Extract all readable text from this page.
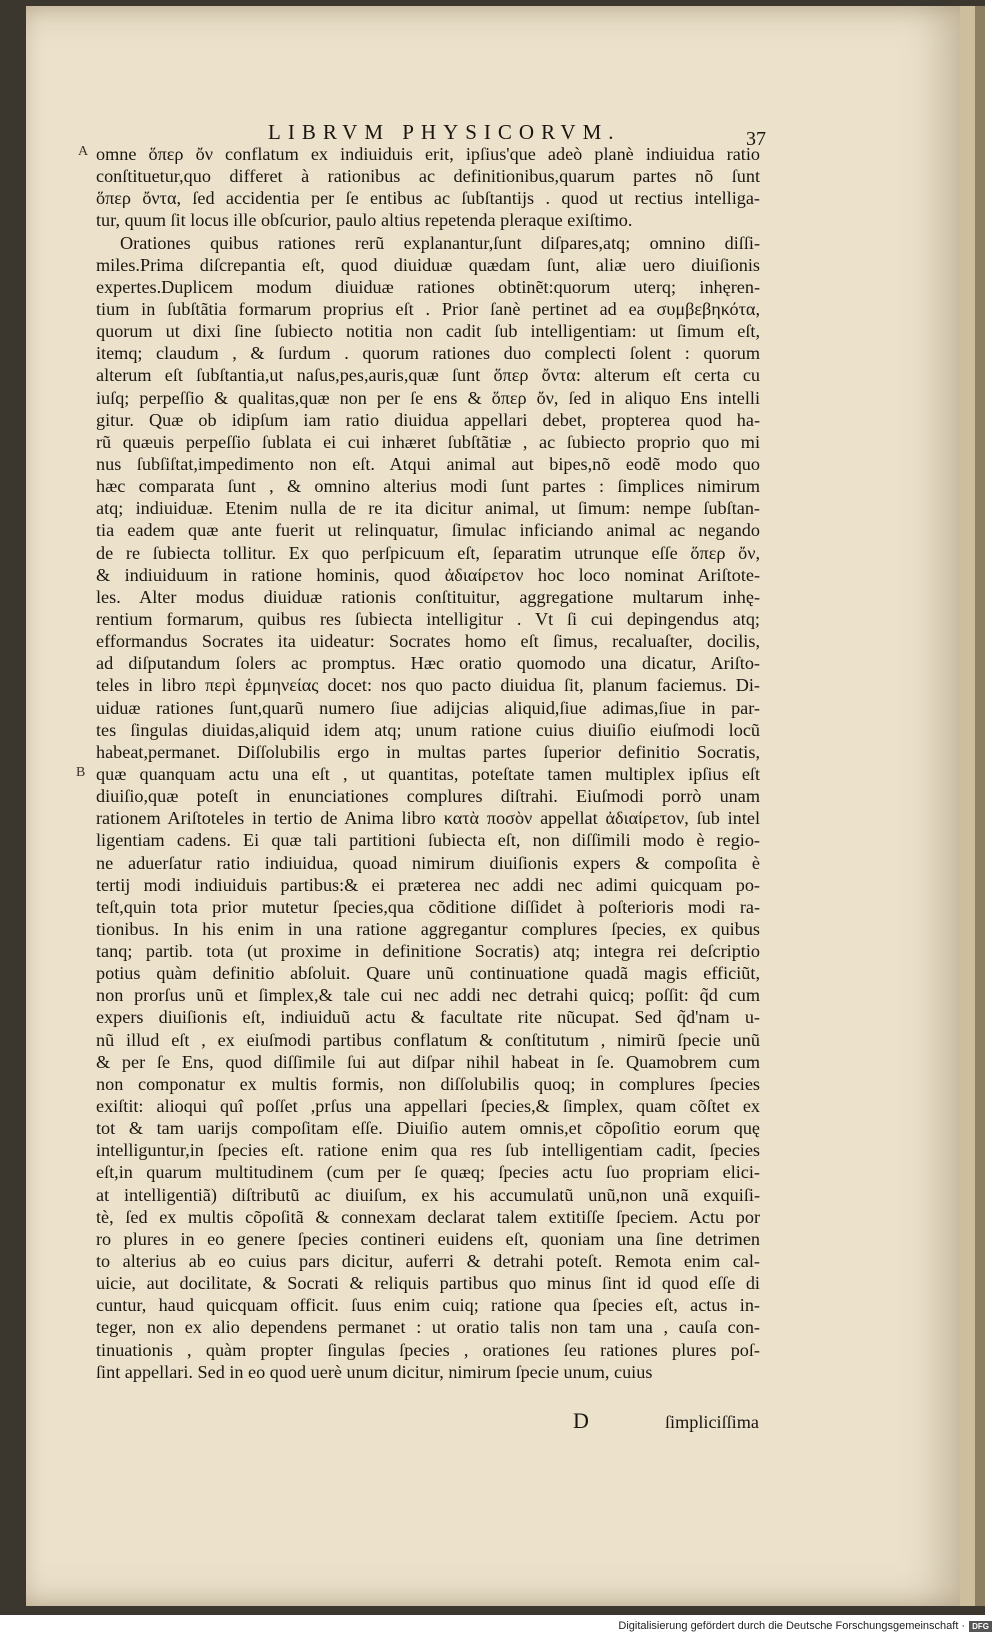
LIBRVM PHYSICORVM.	37
A
B
omne ὅπερ ὄν conflatum ex indiuiduis erit, ipſius'que adeò planè indiuidua ratio
conſtituetur,quo differet à rationibus ac definitionibus,quarum partes nõ ſunt
ὅπερ ὄντα, ſed accidentia per ſe entibus ac ſubſtantijs . quod ut rectius intelliga-
tur, quum ſit locus ille obſcurior, paulo altius repetenda pleraque exiſtimo.
Orationes quibus rationes rerũ explanantur,ſunt diſpares,atq; omnino diſſi-
miles.Prima diſcrepantia eſt, quod diuiduæ quædam ſunt, aliæ uero diuiſionis
expertes.Duplicem modum diuiduæ rationes obtinẽt:quorum uterq; inhęren-
tium in ſubſtãtia formarum proprius eſt . Prior ſanè pertinet ad ea συμβεβηκότα,
quorum ut dixi ſine ſubiecto notitia non cadit ſub intelligentiam: ut ſimum eſt,
itemq; claudum , & ſurdum . quorum rationes duo complecti ſolent : quorum
alterum eſt ſubſtantia,ut naſus,pes,auris,quæ ſunt ὅπερ ὄντα: alterum eſt certa cu
iuſq; perpeſſio & qualitas,quæ non per ſe ens & ὅπερ ὄν, ſed in aliquo Ens intelli
gitur. Quæ ob idipſum iam ratio diuidua appellari debet, propterea quod ha-
rũ quæuis perpeſſio ſublata ei cui inhæret ſubſtãtiæ , ac ſubiecto proprio quo mi
nus ſubſiſtat,impedimento non eſt. Atqui animal aut bipes,nõ eodẽ modo quo
hæc comparata ſunt , & omnino alterius modi ſunt partes : ſimplices nimirum
atq; indiuiduæ. Etenim nulla de re ita dicitur animal, ut ſimum: nempe ſubſtan-
tia eadem quæ ante fuerit ut relinquatur, ſimulac inficiando animal ac negando
de re ſubiecta tollitur. Ex quo perſpicuum eſt, ſeparatim utrunque eſſe ὅπερ ὄν,
& indiuiduum in ratione hominis, quod ἀδιαίρετον hoc loco nominat Ariſtote-
les. Alter modus diuiduæ rationis conſtituitur, aggregatione multarum inhę-
rentium formarum, quibus res ſubiecta intelligitur . Vt ſi cui depingendus atq;
efformandus Socrates ita uideatur: Socrates homo eſt ſimus, recaluaſter, docilis,
ad diſputandum ſolers ac promptus. Hæc oratio quomodo una dicatur, Ariſto-
teles in libro περὶ ἑρμηνείας docet: nos quo pacto diuidua ſit, planum faciemus. Di-
uiduæ rationes ſunt,quarũ numero ſiue adijcias aliquid,ſiue adimas,ſiue in par-
tes ſingulas diuidas,aliquid idem atq; unum ratione cuius diuiſio eiuſmodi locũ
habeat,permanet. Diſſolubilis ergo in multas partes ſuperior definitio Socratis,
quæ quanquam actu una eſt , ut quantitas, poteſtate tamen multiplex ipſius eſt
diuiſio,quæ poteſt in enunciationes complures diſtrahi. Eiuſmodi porrò unam
rationem Ariſtoteles in tertio de Anima libro κατὰ ποσὸν appellat ἀδιαίρετον, ſub intel
ligentiam cadens. Ei quæ tali partitioni ſubiecta eſt, non diſſimili modo è regio-
ne aduerſatur ratio indiuidua, quoad nimirum diuiſionis expers & compoſita è
tertij modi indiuiduis partibus:& ei præterea nec addi nec adimi quicquam po-
teſt,quin tota prior mutetur ſpecies,qua cõditione diſſidet à poſterioris modi ra-
tionibus. In his enim in una ratione aggregantur complures ſpecies, ex quibus
tanq; partib. tota (ut proxime in definitione Socratis) atq; integra rei deſcriptio
potius quàm definitio abſoluit. Quare unũ continuatione quadã magis efficiũt,
non prorſus unũ et ſimplex,& tale cui nec addi nec detrahi quicq; poſſit: q̃d cum
expers diuiſionis eſt, indiuiduũ actu & facultate rite nũcupat. Sed q̃d'nam u-
nũ illud eſt , ex eiuſmodi partibus conflatum & conſtitutum , nimirũ ſpecie unũ
& per ſe Ens, quod diſſimile ſui aut diſpar nihil habeat in ſe. Quamobrem cum
non componatur ex multis formis, non diſſolubilis quoq; in complures ſpecies
exiſtit: alioqui quî poſſet ,prſus una appellari ſpecies,& ſimplex, quam cõſtet ex
tot & tam uarijs compoſitam eſſe. Diuiſio autem omnis,et cõpoſitio eorum quę
intelliguntur,in ſpecies eſt. ratione enim qua res ſub intelligentiam cadit, ſpecies
eſt,in quarum multitudinem (cum per ſe quæq; ſpecies actu ſuo propriam elici-
at intelligentiã) diſtributũ ac diuiſum, ex his accumulatũ unũ,non unã exquiſi-
tè, ſed ex multis cõpoſitã & connexam declarat talem extitiſſe ſpeciem. Actu por
ro plures in eo genere ſpecies contineri euidens eſt, quoniam una ſine detrimen
to alterius ab eo cuius pars dicitur, auferri & detrahi poteſt. Remota enim cal-
uicie, aut docilitate, & Socrati & reliquis partibus quo minus ſint id quod eſſe di
cuntur, haud quicquam officit. ſuus enim cuiq; ratione qua ſpecies eſt, actus in-
teger, non ex alio dependens permanet : ut oratio talis non tam una , cauſa con-
tinuationis , quàm propter ſingulas ſpecies , orationes ſeu rationes plures poſ-
ſint appellari. Sed in eo quod uerè unum dicitur, nimirum ſpecie unum, cuius
D	ſimpliciſſima
Digitalisierung gefördert durch die Deutsche Forschungsgemeinschaft · DFG
